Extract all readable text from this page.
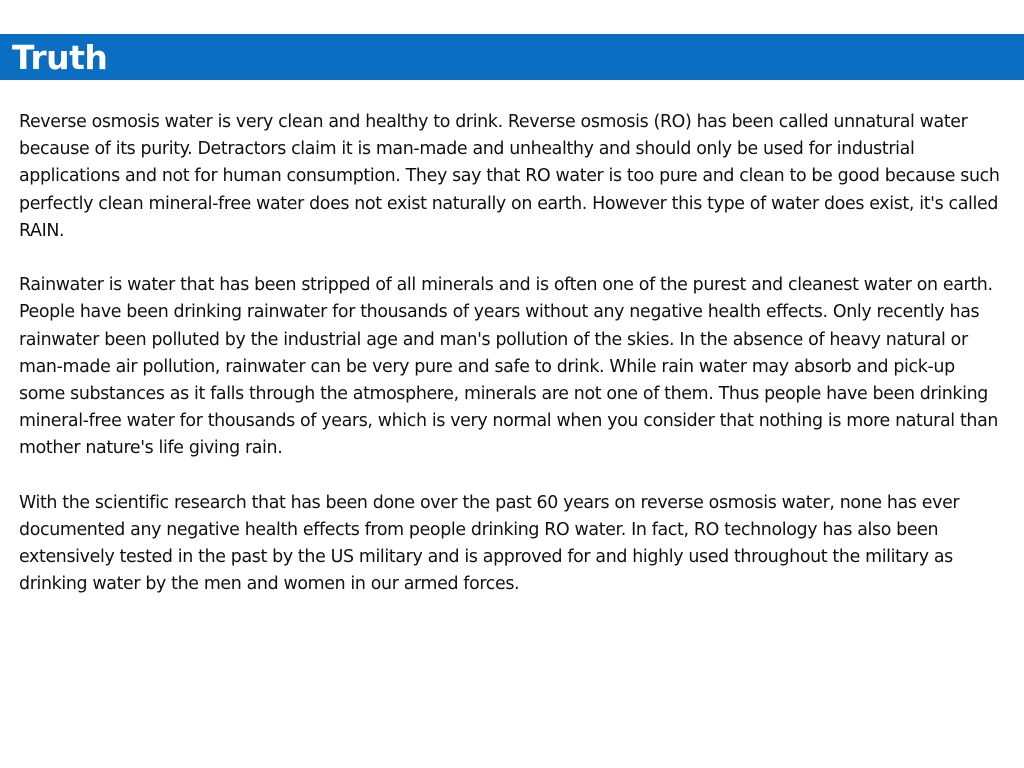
Truth

Reverse osmosis water is very clean and healthy to drink. Reverse osmosis (RO) has been called unnatural water because of its purity. Detractors claim it is man-made and unhealthy and should only be used for industrial applications and not for human consumption. They say that RO water is too pure and clean to be good because such perfectly clean mineral-free water does not exist naturally on earth. However this type of water does exist, it's called RAIN.

Rainwater is water that has been stripped of all minerals and is often one of the purest and cleanest water on earth. People have been drinking rainwater for thousands of years without any negative health effects. Only recently has rainwater been polluted by the industrial age and man's pollution of the skies. In the absence of heavy natural or man-made air pollution, rainwater can be very pure and safe to drink. While rain water may absorb and pick-up some substances as it falls through the atmosphere, minerals are not one of them. Thus people have been drinking mineral-free water for thousands of years, which is very normal when you consider that nothing is more natural than mother nature's life giving rain.

With the scientific research that has been done over the past 60 years on reverse osmosis water, none has ever documented any negative health effects from people drinking RO water. In fact, RO technology has also been extensively tested in the past by the US military and is approved for and highly used throughout the military as drinking water by the men and women in our armed forces.
